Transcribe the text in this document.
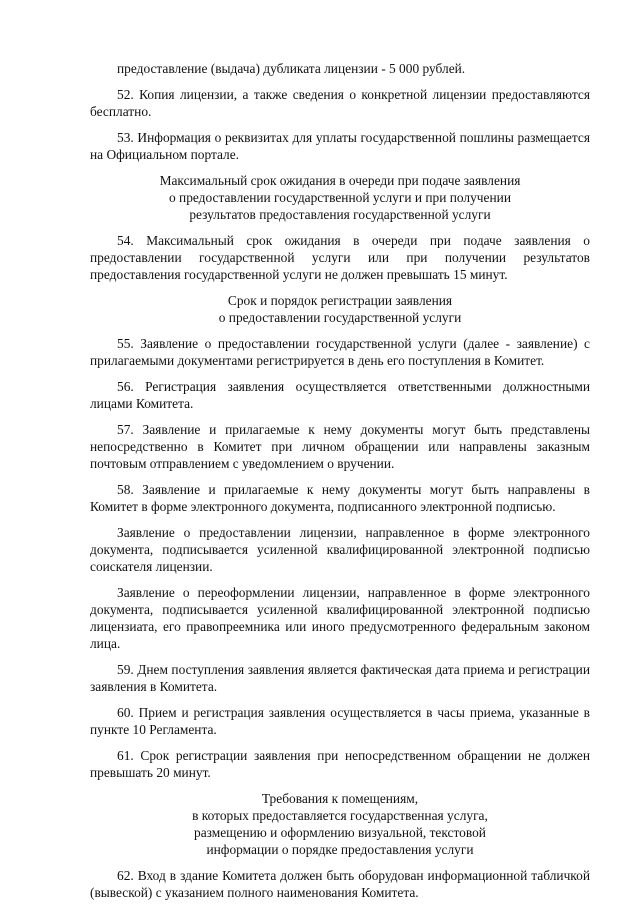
предоставление (выдача) дубликата лицензии - 5 000 рублей.

52. Копия лицензии, а также сведения о конкретной лицензии предоставляются бесплатно.

53. Информация о реквизитах для уплаты государственной пошлины размещается на Официальном портале.

Максимальный срок ожидания в очереди при подаче заявления
о предоставлении государственной услуги и при получении
результатов предоставления государственной услуги

54. Максимальный срок ожидания в очереди при подаче заявления о предоставлении государственной услуги или при получении результатов предоставления государственной услуги не должен превышать 15 минут.

Срок и порядок регистрации заявления
о предоставлении государственной услуги

55. Заявление о предоставлении государственной услуги (далее - заявление) с прилагаемыми документами регистрируется в день его поступления в Комитет.

56. Регистрация заявления осуществляется ответственными должностными лицами Комитета.

57. Заявление и прилагаемые к нему документы могут быть представлены непосредственно в Комитет при личном обращении или направлены заказным почтовым отправлением с уведомлением о вручении.

58. Заявление и прилагаемые к нему документы могут быть направлены в Комитет в форме электронного документа, подписанного электронной подписью.

Заявление о предоставлении лицензии, направленное в форме электронного документа, подписывается усиленной квалифицированной электронной подписью соискателя лицензии.

Заявление о переоформлении лицензии, направленное в форме электронного документа, подписывается усиленной квалифицированной электронной подписью лицензиата, его правопреемника или иного предусмотренного федеральным законом лица.

59. Днем поступления заявления является фактическая дата приема и регистрации заявления в Комитета.

60. Прием и регистрация заявления осуществляется в часы приема, указанные в пункте 10 Регламента.

61. Срок регистрации заявления при непосредственном обращении не должен превышать 20 минут.

Требования к помещениям,
в которых предоставляется государственная услуга,
размещению и оформлению визуальной, текстовой
информации о порядке предоставления услуги

62. Вход в здание Комитета должен быть оборудован информационной табличкой (вывеской) с указанием полного наименования Комитета.
